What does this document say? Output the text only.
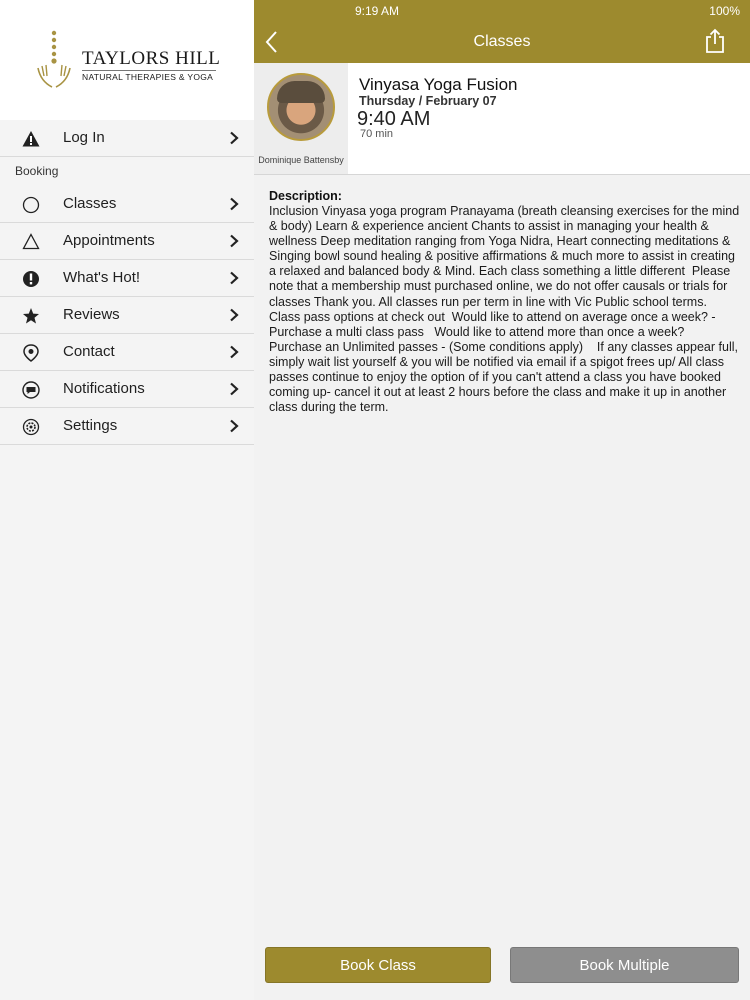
TAYLORS HILL
NATURAL THERAPIES & YOGA
Log In
Booking
Classes
Appointments
What's Hot!
Reviews
Contact
Notifications
Settings
9:19 AM	100%
Classes
Dominique Battensby
Vinyasa Yoga Fusion
Thursday / February 07
9:40 AM
70 min
Description:
Inclusion Vinyasa yoga program Pranayama (breath cleansing exercises for the mind & body) Learn & experience ancient Chants to assist in managing your health & wellness Deep meditation ranging from Yoga Nidra, Heart connecting meditations & Singing bowl sound healing & positive affirmations & much more to assist in creating a relaxed and balanced body & Mind. Each class something a little different  Please note that a membership must purchased online, we do not offer causals or trials for classes Thank you. All classes run per term in line with Vic Public school terms. Class pass options at check out  Would like to attend on average once a week? - Purchase a multi class pass   Would like to attend more than once a week?   Purchase an Unlimited passes - (Some conditions apply)    If any classes appear full, simply wait list yourself & you will be notified via email if a spigot frees up/ All class passes continue to enjoy the option of if you can't attend a class you have booked coming up- cancel it out at least 2 hours before the class and make it up in another class during the term.
Book Class	Book Multiple
